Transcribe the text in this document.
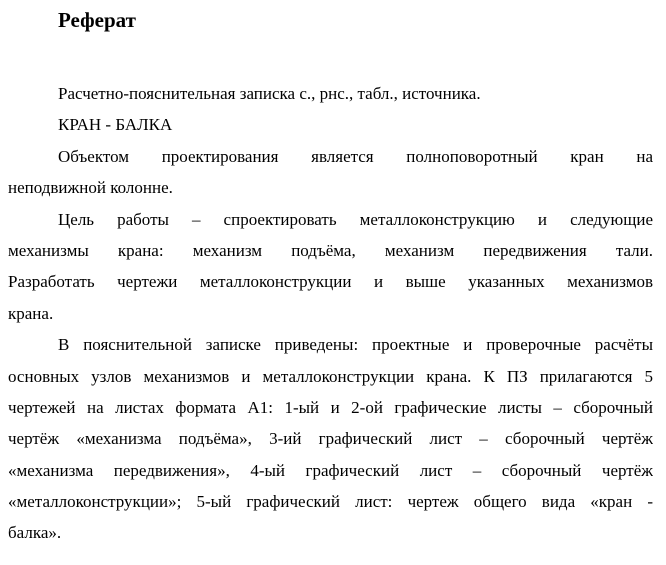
Реферат
Расчетно-пояснительная записка с., рнс., табл., источника.
КРАН - БАЛКА
Объектом проектирования является полноповоротный кран на
неподвижной колонне.
Цель работы – спроектировать металлоконструкцию и следующие
механизмы крана: механизм подъёма, механизм передвижения тали.
Разработать чертежи металлоконструкции и выше указанных механизмов
крана.
В пояснительной записке приведены: проектные и проверочные расчёты
основных узлов механизмов и металлоконструкции крана. К ПЗ прилагаются 5
чертежей на листах формата А1: 1-ый и 2-ой графические листы – сборочный
чертёж «механизма подъёма», 3-ий графический лист – сборочный чертёж
«механизма передвижения», 4-ый графический лист – сборочный чертёж
«металлоконструкции»; 5-ый графический лист: чертеж общего вида «кран -
балка».
